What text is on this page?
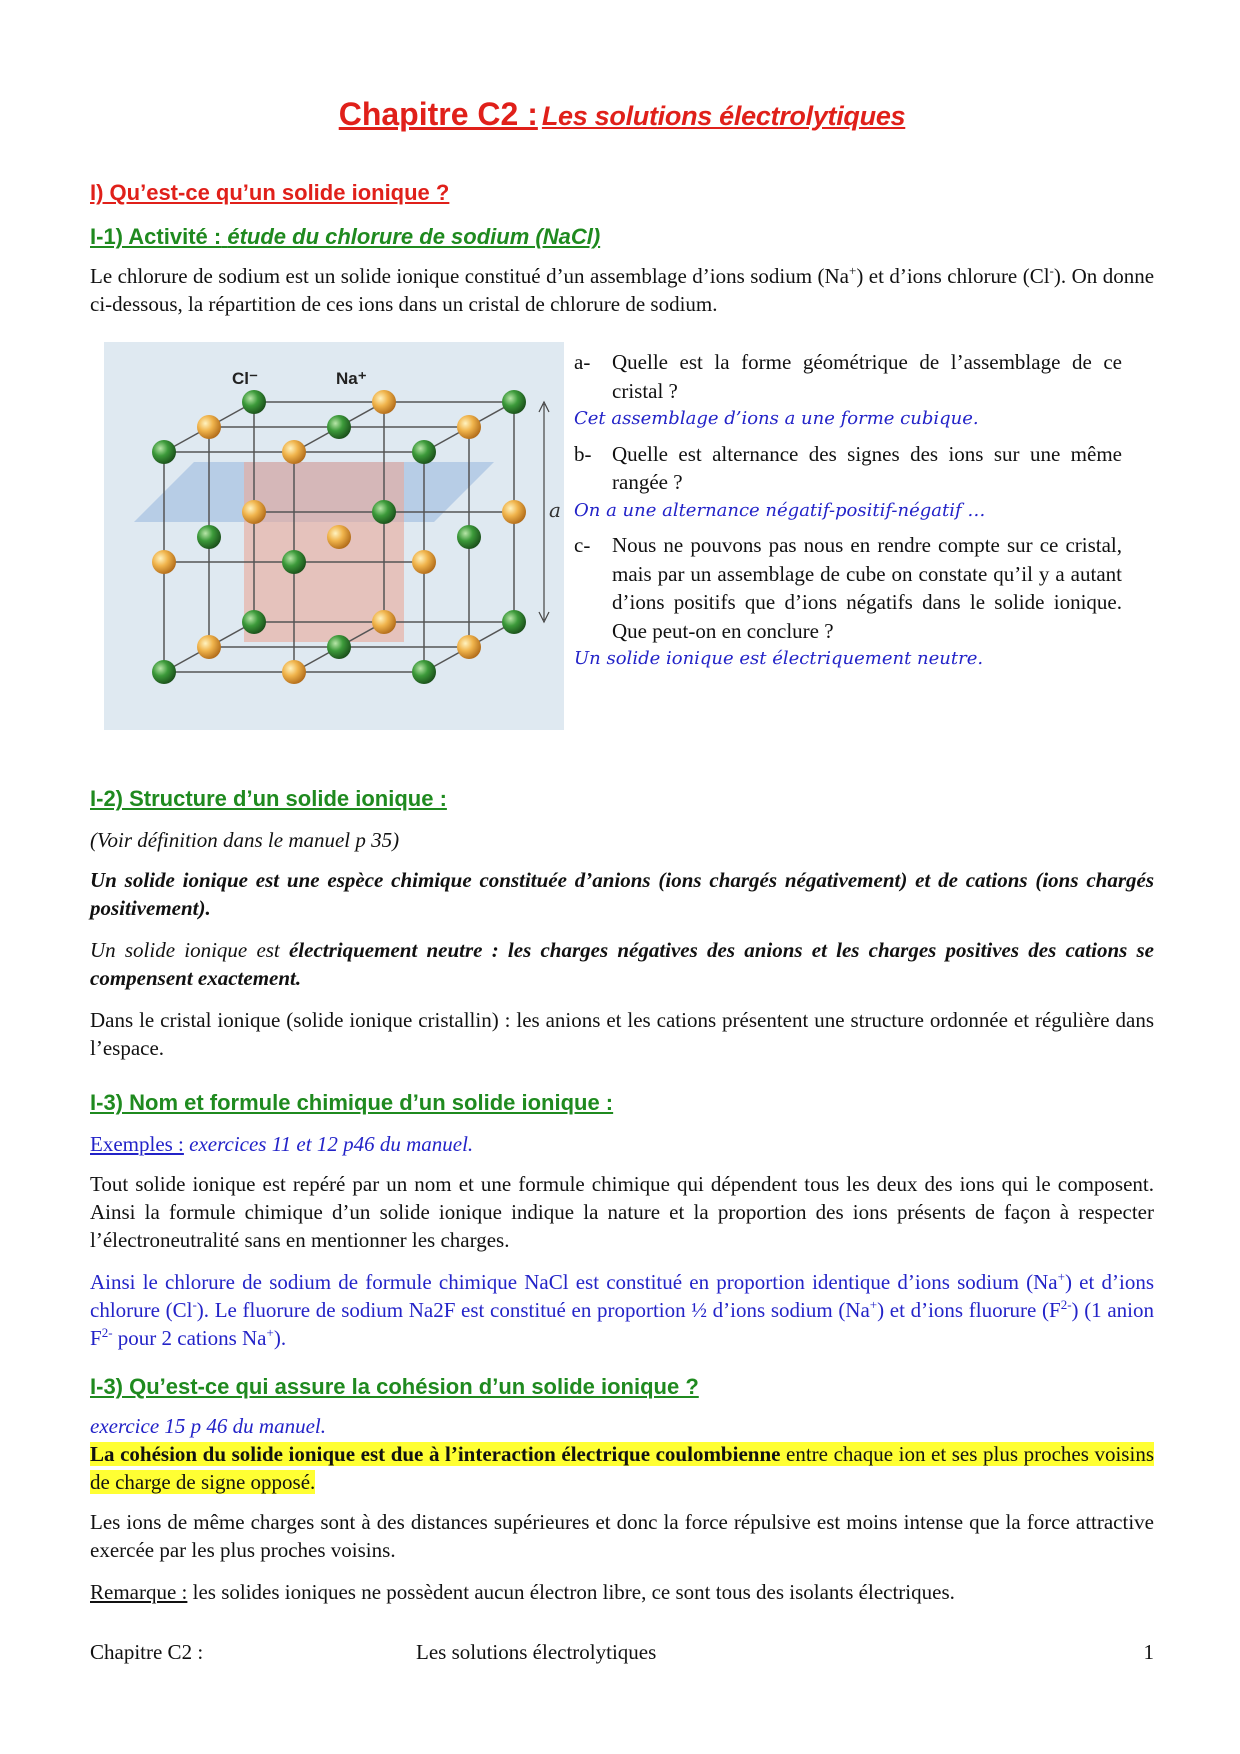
Chapitre C2 : Les solutions électrolytiques
I) Qu’est-ce qu’un solide ionique ?
I-1) Activité : étude du chlorure de sodium (NaCl)
Le chlorure de sodium est un solide ionique constitué d’un assemblage d’ions sodium (Na+) et d’ions chlorure (Cl-). On donne ci-dessous, la répartition de ces ions dans un cristal de chlorure de sodium.
a
Cl⁻	Na⁺
a-	Quelle est la forme géométrique de l’assemblage de ce cristal ?
Cet assemblage d’ions a une forme cubique.
b- Quelle est alternance des signes des ions sur une même rangée ?
On a une alternance négatif-positif-négatif …
c-	Nous ne pouvons pas nous en rendre compte sur ce cristal, mais par un assemblage de cube on constate qu’il y a autant d’ions positifs que d’ions négatifs dans le solide ionique. Que peut-on en conclure ?
Un solide ionique est électriquement neutre.
I-2) Structure d’un solide ionique :
(Voir définition dans le manuel p 35)
Un solide ionique est une espèce chimique constituée d’anions (ions chargés négativement) et de cations (ions chargés positivement).
Un solide ionique est électriquement neutre : les charges négatives des anions et les charges positives des cations se compensent exactement.
Dans le cristal ionique (solide ionique cristallin) : les anions et les cations présentent une structure ordonnée et régulière dans l’espace.
I-3) Nom et formule chimique d’un solide ionique :
Exemples : exercices 11 et 12 p46 du manuel.
Tout solide ionique est repéré par un nom et une formule chimique qui dépendent tous les deux des ions qui le composent. Ainsi la formule chimique d’un solide ionique indique la nature et la proportion des ions présents de façon à respecter l’électroneutralité sans en mentionner les charges.
Ainsi le chlorure de sodium de formule chimique NaCl est constitué en proportion identique d’ions sodium (Na+) et d’ions chlorure (Cl-). Le fluorure de sodium Na2F est constitué en proportion ½ d’ions sodium (Na+) et d’ions fluorure $(F^{2-})$ (1 anion $F^{2-}$ pour 2 cations Na+).
I-3) Qu’est-ce qui assure la cohésion d’un solide ionique ?
exercice 15 p 46 du manuel.
La cohésion du solide ionique est due à l’interaction électrique coulombienne entre chaque ion et ses plus proches voisins de charge de signe opposé.
Les ions de même charges sont à des distances supérieures et donc la force répulsive est moins intense que la force attractive exercée par les plus proches voisins.
Remarque : les solides ioniques ne possèdent aucun électron libre, ce sont tous des isolants électriques.
Chapitre C2 :	Les solutions électrolytiques	1
